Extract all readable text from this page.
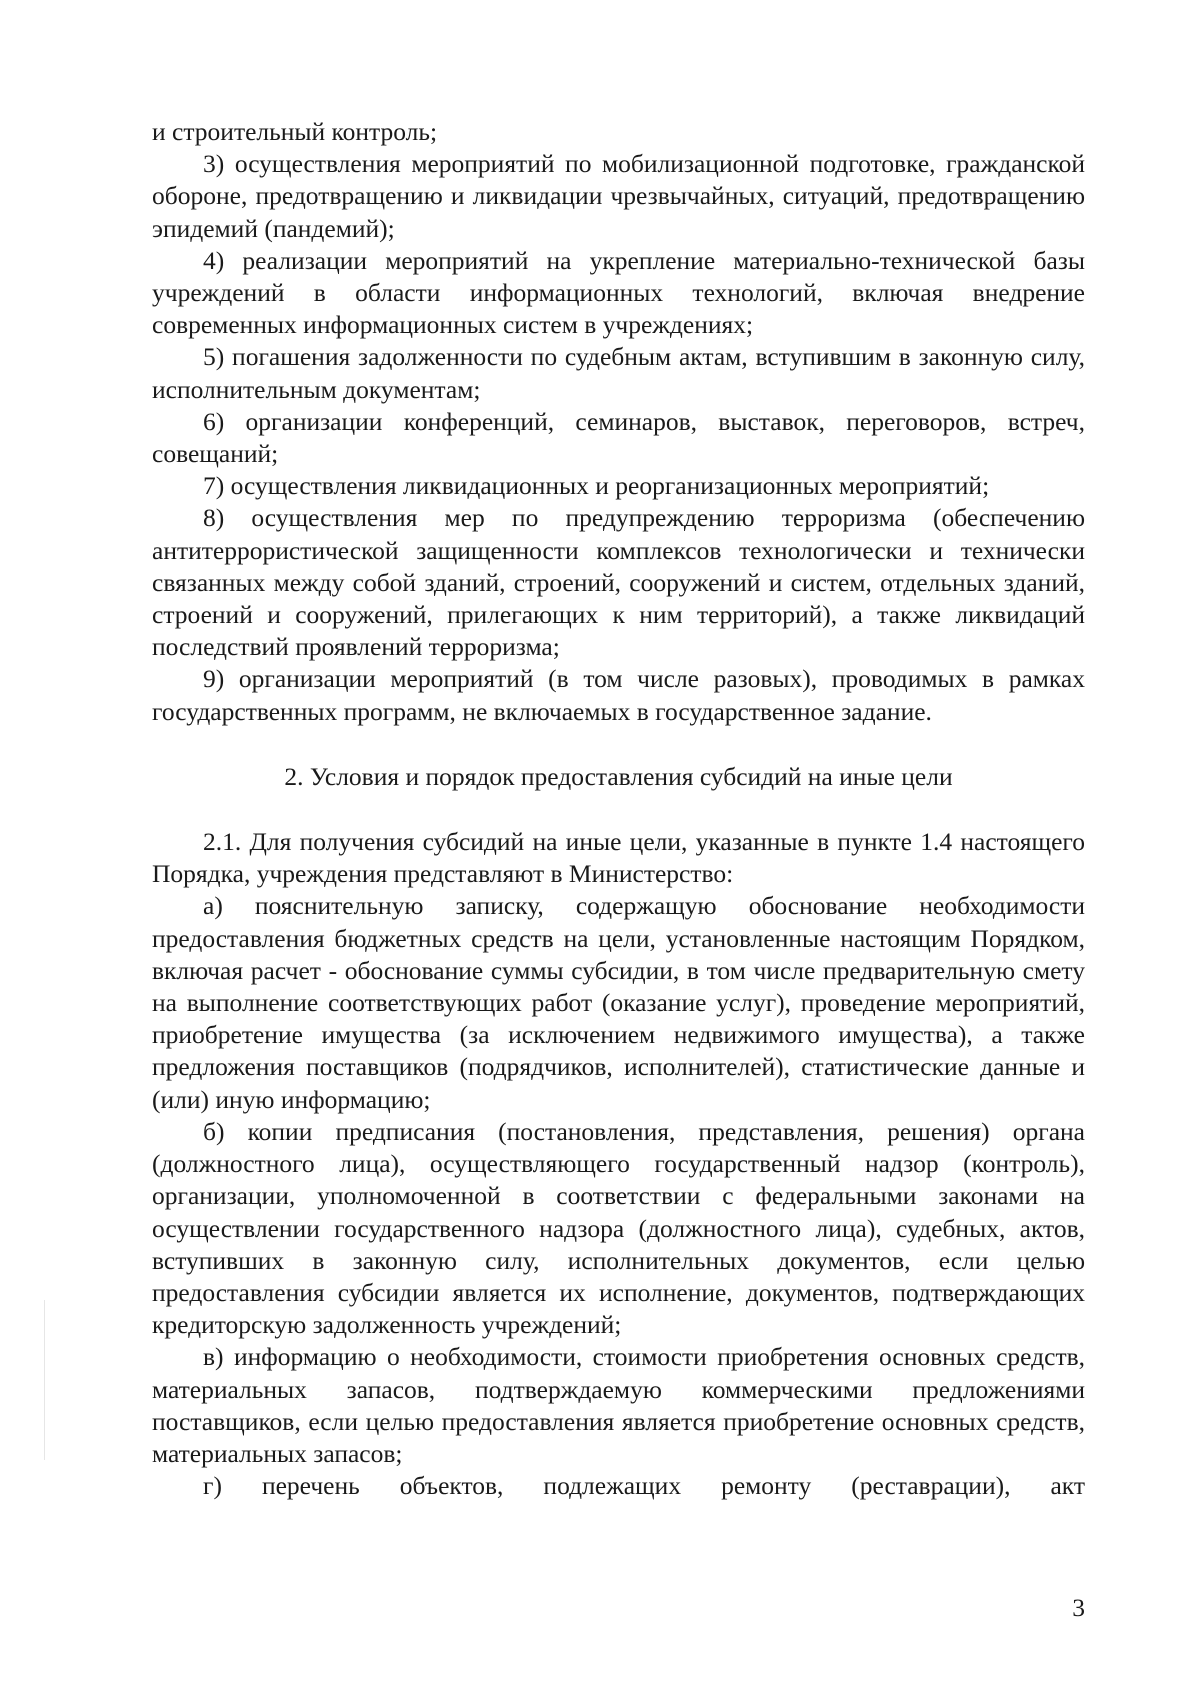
и строительный контроль;

3) осуществления мероприятий по мобилизационной подготовке, гражданской обороне, предотвращению и ликвидации чрезвычайных, ситуаций, предотвращению эпидемий (пандемий);

4) реализации мероприятий на укрепление материально-технической базы учреждений в области информационных технологий, включая внедрение современных информационных систем в учреждениях;

5) погашения задолженности по судебным актам, вступившим в законную силу, исполнительным документам;

6) организации конференций, семинаров, выставок, переговоров, встреч, совещаний;

7) осуществления ликвидационных и реорганизационных мероприятий;

8) осуществления мер по предупреждению терроризма (обеспечению антитеррористической защищенности комплексов технологически и технически связанных между собой зданий, строений, сооружений и систем, отдельных зданий, строений и сооружений, прилегающих к ним территорий), а также ликвидаций последствий проявлений терроризма;

9) организации мероприятий (в том числе разовых), проводимых в рамках государственных программ, не включаемых в государственное задание.

2. Условия и порядок предоставления субсидий на иные цели

2.1. Для получения субсидий на иные цели, указанные в пункте 1.4 настоящего Порядка, учреждения представляют в Министерство:

а) пояснительную записку, содержащую обоснование необходимости предоставления бюджетных средств на цели, установленные настоящим Порядком, включая расчет - обоснование суммы субсидии, в том числе предварительную смету на выполнение соответствующих работ (оказание услуг), проведение мероприятий, приобретение имущества (за исключением недвижимого имущества), а также предложения поставщиков (подрядчиков, исполнителей), статистические данные и (или) иную информацию;

б) копии предписания (постановления, представления, решения) органа (должностного лица), осуществляющего государственный надзор (контроль), организации, уполномоченной в соответствии с федеральными законами на осуществлении государственного надзора (должностного лица), судебных, актов, вступивших в законную силу, исполнительных документов, если целью предоставления субсидии является их исполнение, документов, подтверждающих кредиторскую задолженность учреждений;

в) информацию о необходимости, стоимости приобретения основных средств, материальных запасов, подтверждаемую коммерческими предложениями поставщиков, если целью предоставления является приобретение основных средств, материальных запасов;

г) перечень объектов, подлежащих ремонту (реставрации), акт

3
